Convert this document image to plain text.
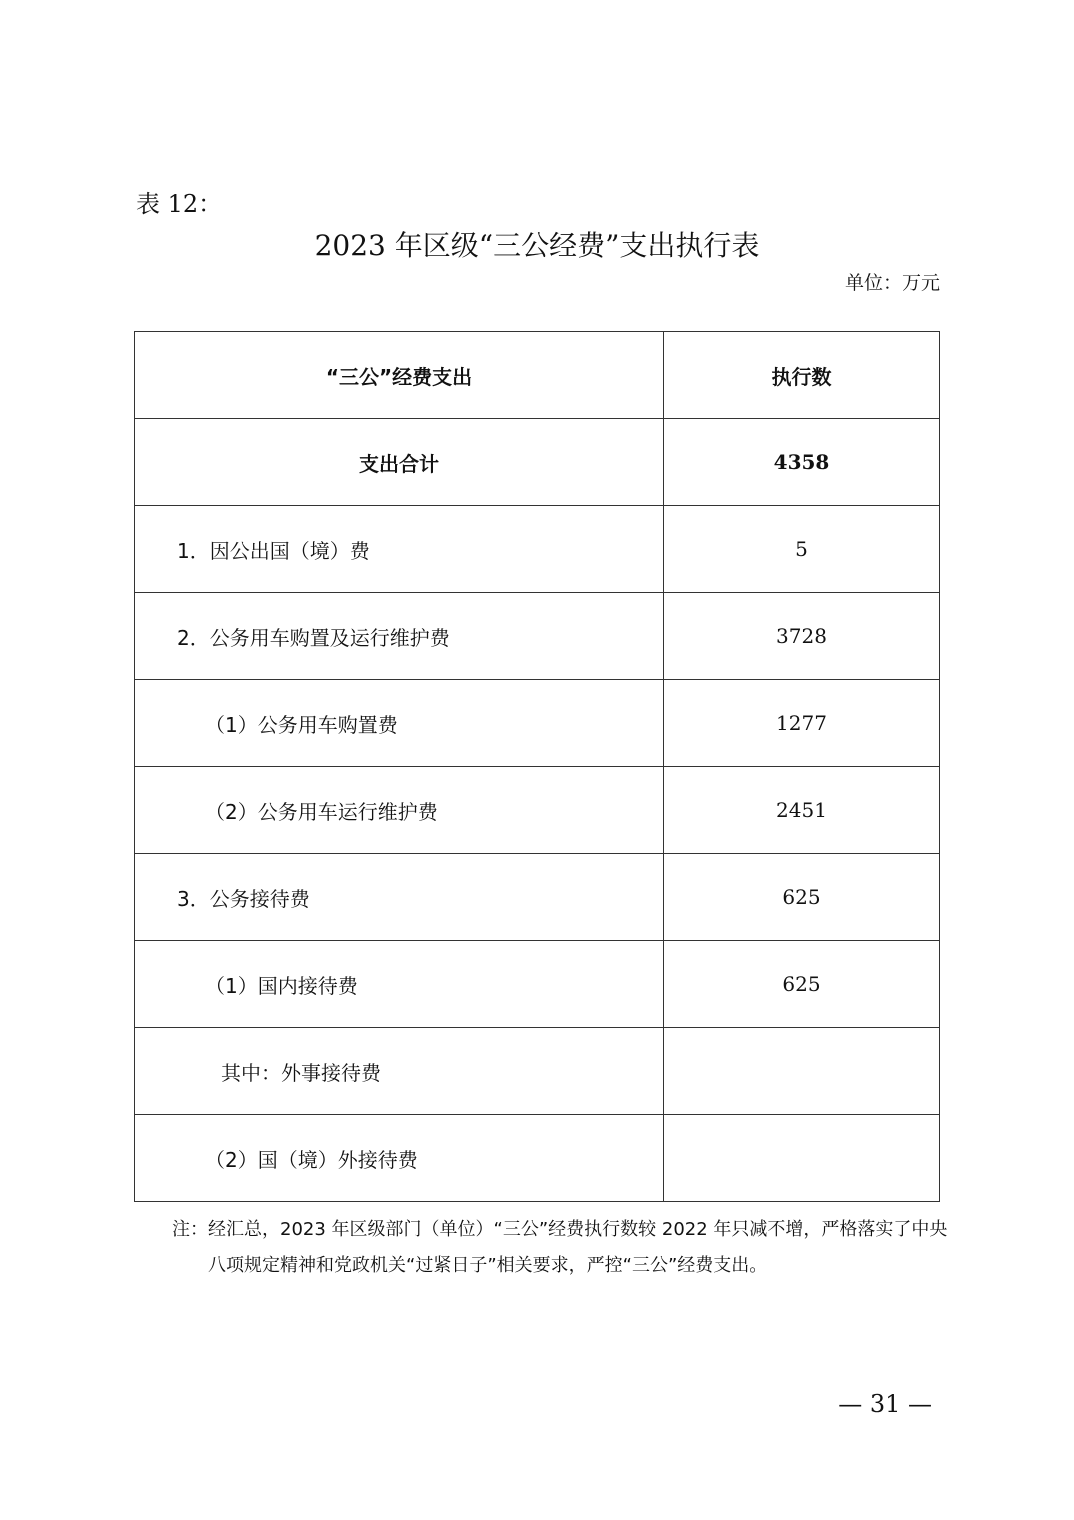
表 12：
2023 年区级“三公经费”支出执行表
单位：万元
“三公”经费支出	执行数
支出合计	4358
1．因公出国（境）费	5
2．公务用车购置及运行维护费	3728
（1）公务用车购置费	1277
（2）公务用车运行维护费	2451
3．公务接待费	625
（1）国内接待费	625
其中：外事接待费	
（2）国（境）外接待费	
注：经汇总，2023 年区级部门（单位）“三公”经费执行数较 2022 年只减不增，严格落实了中央
八项规定精神和党政机关“过紧日子”相关要求，严控“三公”经费支出。
— 31 —
